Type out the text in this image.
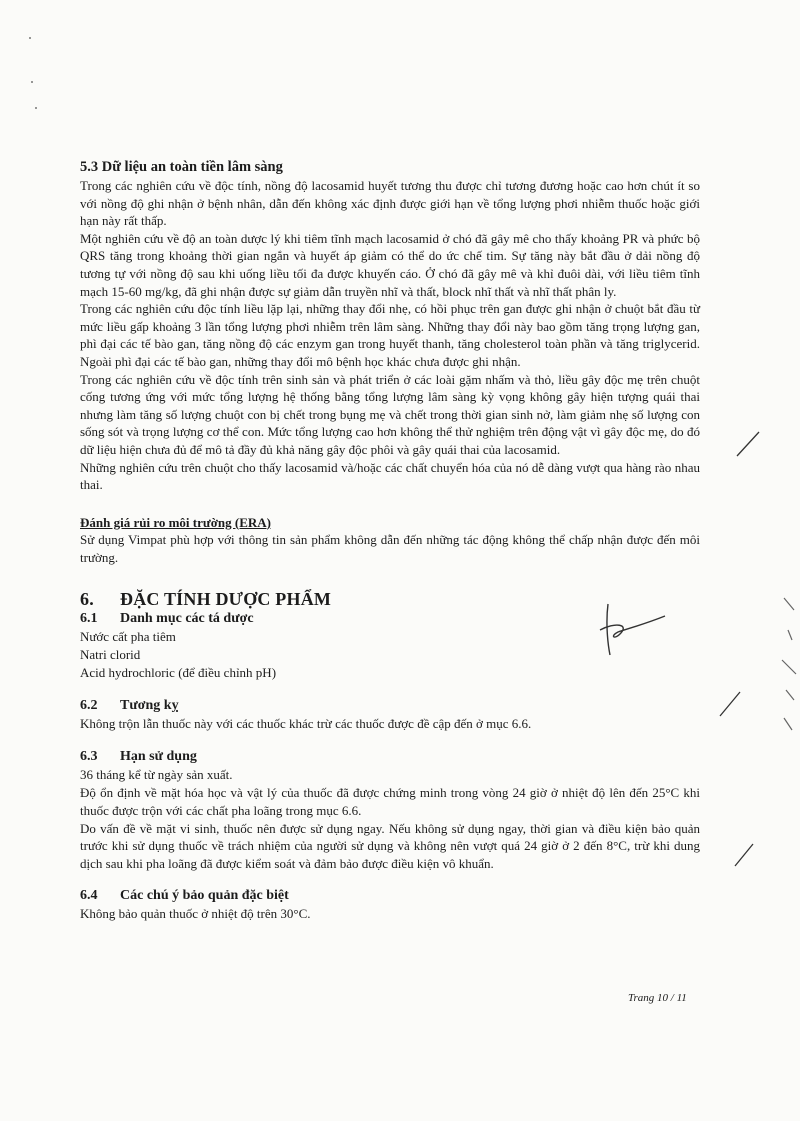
5.3 Dữ liệu an toàn tiền lâm sàng

Trong các nghiên cứu về độc tính, nồng độ lacosamid huyết tương thu được chỉ tương đương hoặc cao hơn chút ít so với nồng độ ghi nhận ở bệnh nhân, dẫn đến không xác định được giới hạn về tổng lượng phơi nhiễm thuốc hoặc giới hạn này rất thấp.

Một nghiên cứu về độ an toàn dược lý khi tiêm tĩnh mạch lacosamid ở chó đã gây mê cho thấy khoảng PR và phức bộ QRS tăng trong khoảng thời gian ngắn và huyết áp giảm có thể do ức chế tim. Sự tăng này bắt đầu ở dải nồng độ tương tự với nồng độ sau khi uống liều tối đa được khuyến cáo. Ở chó đã gây mê và khỉ đuôi dài, với liều tiêm tĩnh mạch 15-60 mg/kg, đã ghi nhận được sự giảm dẫn truyền nhĩ và thất, block nhĩ thất và nhĩ thất phân ly.

Trong các nghiên cứu độc tính liều lặp lại, những thay đổi nhẹ, có hồi phục trên gan được ghi nhận ở chuột bắt đầu từ mức liều gấp khoảng 3 lần tổng lượng phơi nhiễm trên lâm sàng. Những thay đổi này bao gồm tăng trọng lượng gan, phì đại các tế bào gan, tăng nồng độ các enzym gan trong huyết thanh, tăng cholesterol toàn phần và tăng triglycerid. Ngoài phì đại các tế bào gan, những thay đổi mô bệnh học khác chưa được ghi nhận.

Trong các nghiên cứu về độc tính trên sinh sản và phát triển ở các loài gặm nhấm và thỏ, liều gây độc mẹ trên chuột cống tương ứng với mức tổng lượng hệ thống bằng tổng lượng lâm sàng kỳ vọng không gây hiện tượng quái thai nhưng làm tăng số lượng chuột con bị chết trong bụng mẹ và chết trong thời gian sinh nở, làm giảm nhẹ số lượng con sống sót và trọng lượng cơ thể con. Mức tổng lượng cao hơn không thể thử nghiệm trên động vật vì gây độc mẹ, do đó dữ liệu hiện chưa đủ để mô tả đầy đủ khả năng gây độc phôi và gây quái thai của lacosamid.

Những nghiên cứu trên chuột cho thấy lacosamid và/hoặc các chất chuyển hóa của nó dễ dàng vượt qua hàng rào nhau thai.

Đánh giá rủi ro môi trường (ERA)

Sử dụng Vimpat phù hợp với thông tin sản phẩm không dẫn đến những tác động không thể chấp nhận được đến môi trường.

6. ĐẶC TÍNH DƯỢC PHẨM
6.1 Danh mục các tá dược

Nước cất pha tiêm

Natri clorid

Acid hydrochloric (để điều chỉnh pH)

6.2 Tương kỵ

Không trộn lẫn thuốc này với các thuốc khác trừ các thuốc được đề cập đến ở mục 6.6.

6.3 Hạn sử dụng

36 tháng kể từ ngày sản xuất.

Độ ổn định về mặt hóa học và vật lý của thuốc đã được chứng minh trong vòng 24 giờ ở nhiệt độ lên đến 25°C khi thuốc được trộn với các chất pha loãng trong mục 6.6.

Do vấn đề về mặt vi sinh, thuốc nên được sử dụng ngay. Nếu không sử dụng ngay, thời gian và điều kiện bảo quản trước khi sử dụng thuốc về trách nhiệm của người sử dụng và không nên vượt quá 24 giờ ở 2 đến 8°C, trừ khi dung dịch sau khi pha loãng đã được kiểm soát và đảm bảo được điều kiện vô khuẩn.

6.4 Các chú ý bảo quản đặc biệt

Không bảo quản thuốc ở nhiệt độ trên 30°C.

Trang 10 / 11
